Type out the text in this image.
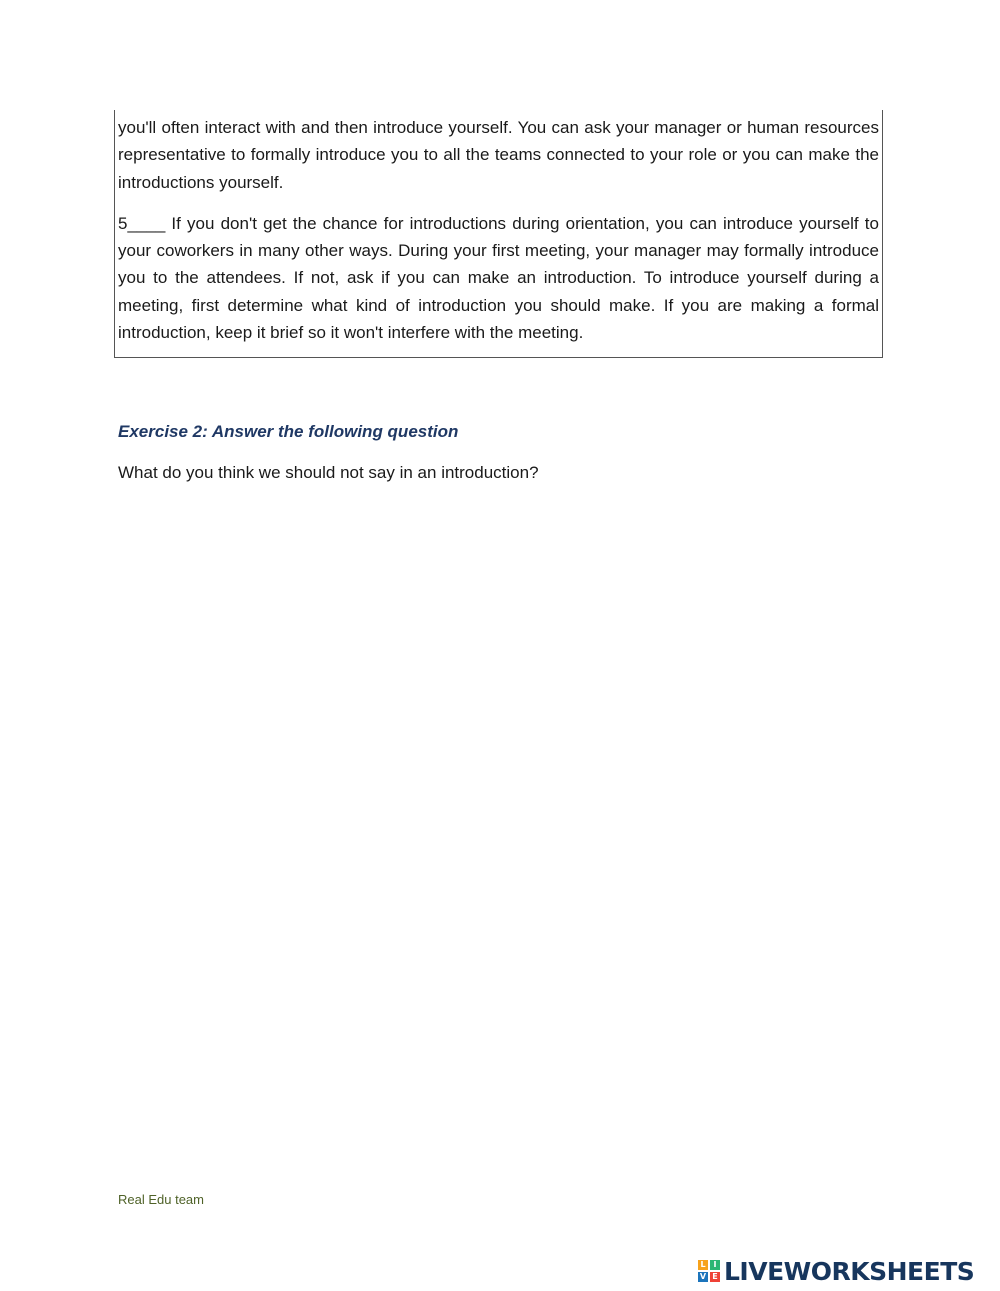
you'll often interact with and then introduce yourself. You can ask your manager or human resources representative to formally introduce you to all the teams connected to your role or you can make the introductions yourself.

5____ If you don't get the chance for introductions during orientation, you can introduce yourself to your coworkers in many other ways. During your first meeting, your manager may formally introduce you to the attendees. If not, ask if you can make an introduction. To introduce yourself during a meeting, first determine what kind of introduction you should make. If you are making a formal introduction, keep it brief so it won't interfere with the meeting.

Exercise 2: Answer the following question

What do you think we should not say in an introduction?

Real Edu team
L I
V E LIVEWORKSHEETS
